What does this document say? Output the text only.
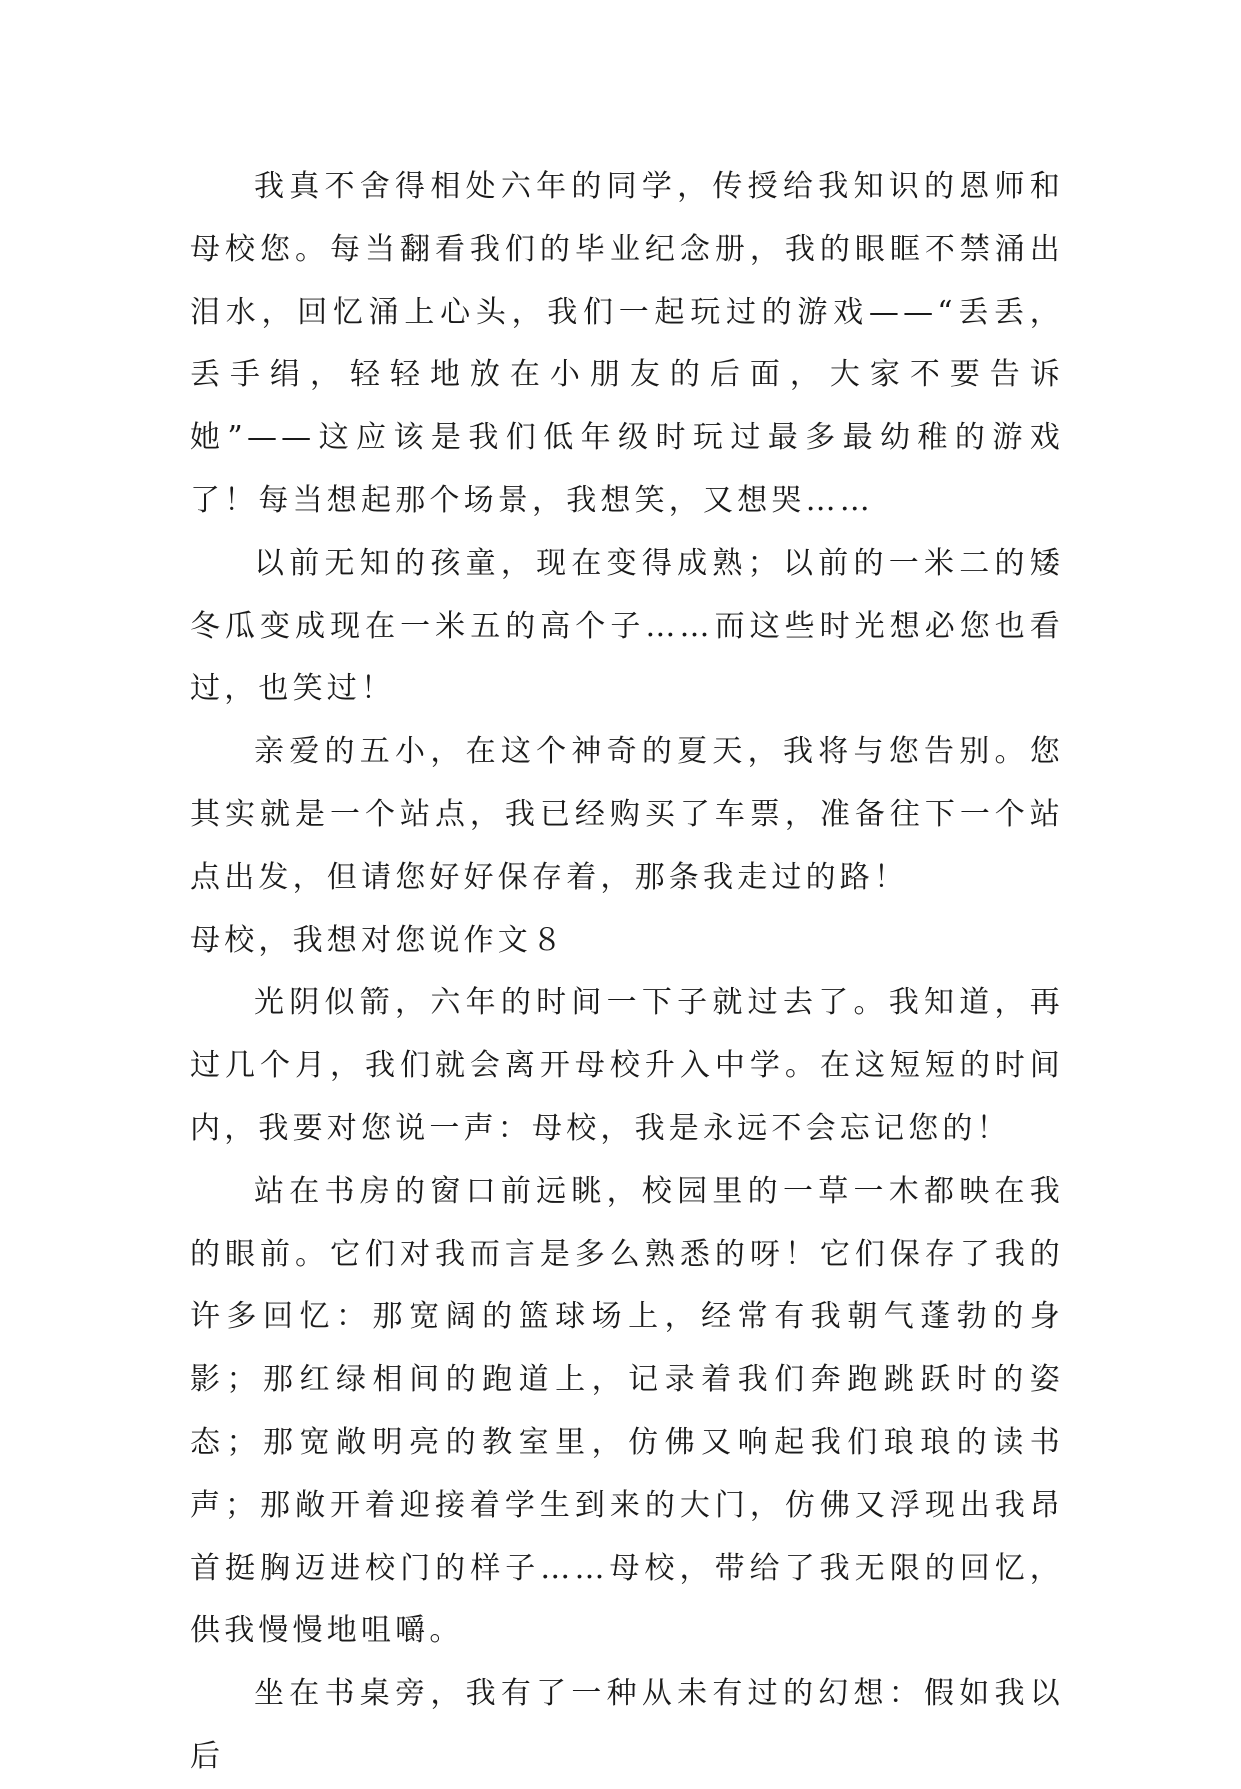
我真不舍得相处六年的同学，传授给我知识的恩师和母校您。每当翻看我们的毕业纪念册，我的眼眶不禁涌出泪水，回忆涌上心头，我们一起玩过的游戏——“丢丢，丢手绢，轻轻地放在小朋友的后面，大家不要告诉她”——这应该是我们低年级时玩过最多最幼稚的游戏了！每当想起那个场景，我想笑，又想哭……

以前无知的孩童，现在变得成熟；以前的一米二的矮冬瓜变成现在一米五的高个子……而这些时光想必您也看过，也笑过！

亲爱的五小，在这个神奇的夏天，我将与您告别。您其实就是一个站点，我已经购买了车票，准备往下一个站点出发，但请您好好保存着，那条我走过的路！

母校，我想对您说作文８

光阴似箭，六年的时间一下子就过去了。我知道，再过几个月，我们就会离开母校升入中学。在这短短的时间内，我要对您说一声：母校，我是永远不会忘记您的！

站在书房的窗口前远眺，校园里的一草一木都映在我的眼前。它们对我而言是多么熟悉的呀！它们保存了我的许多回忆：那宽阔的篮球场上，经常有我朝气蓬勃的身影；那红绿相间的跑道上，记录着我们奔跑跳跃时的姿态；那宽敞明亮的教室里，仿佛又响起我们琅琅的读书声；那敞开着迎接着学生到来的大门，仿佛又浮现出我昂首挺胸迈进校门的样子……母校，带给了我无限的回忆，供我慢慢地咀嚼。

坐在书桌旁，我有了一种从未有过的幻想：假如我以后
